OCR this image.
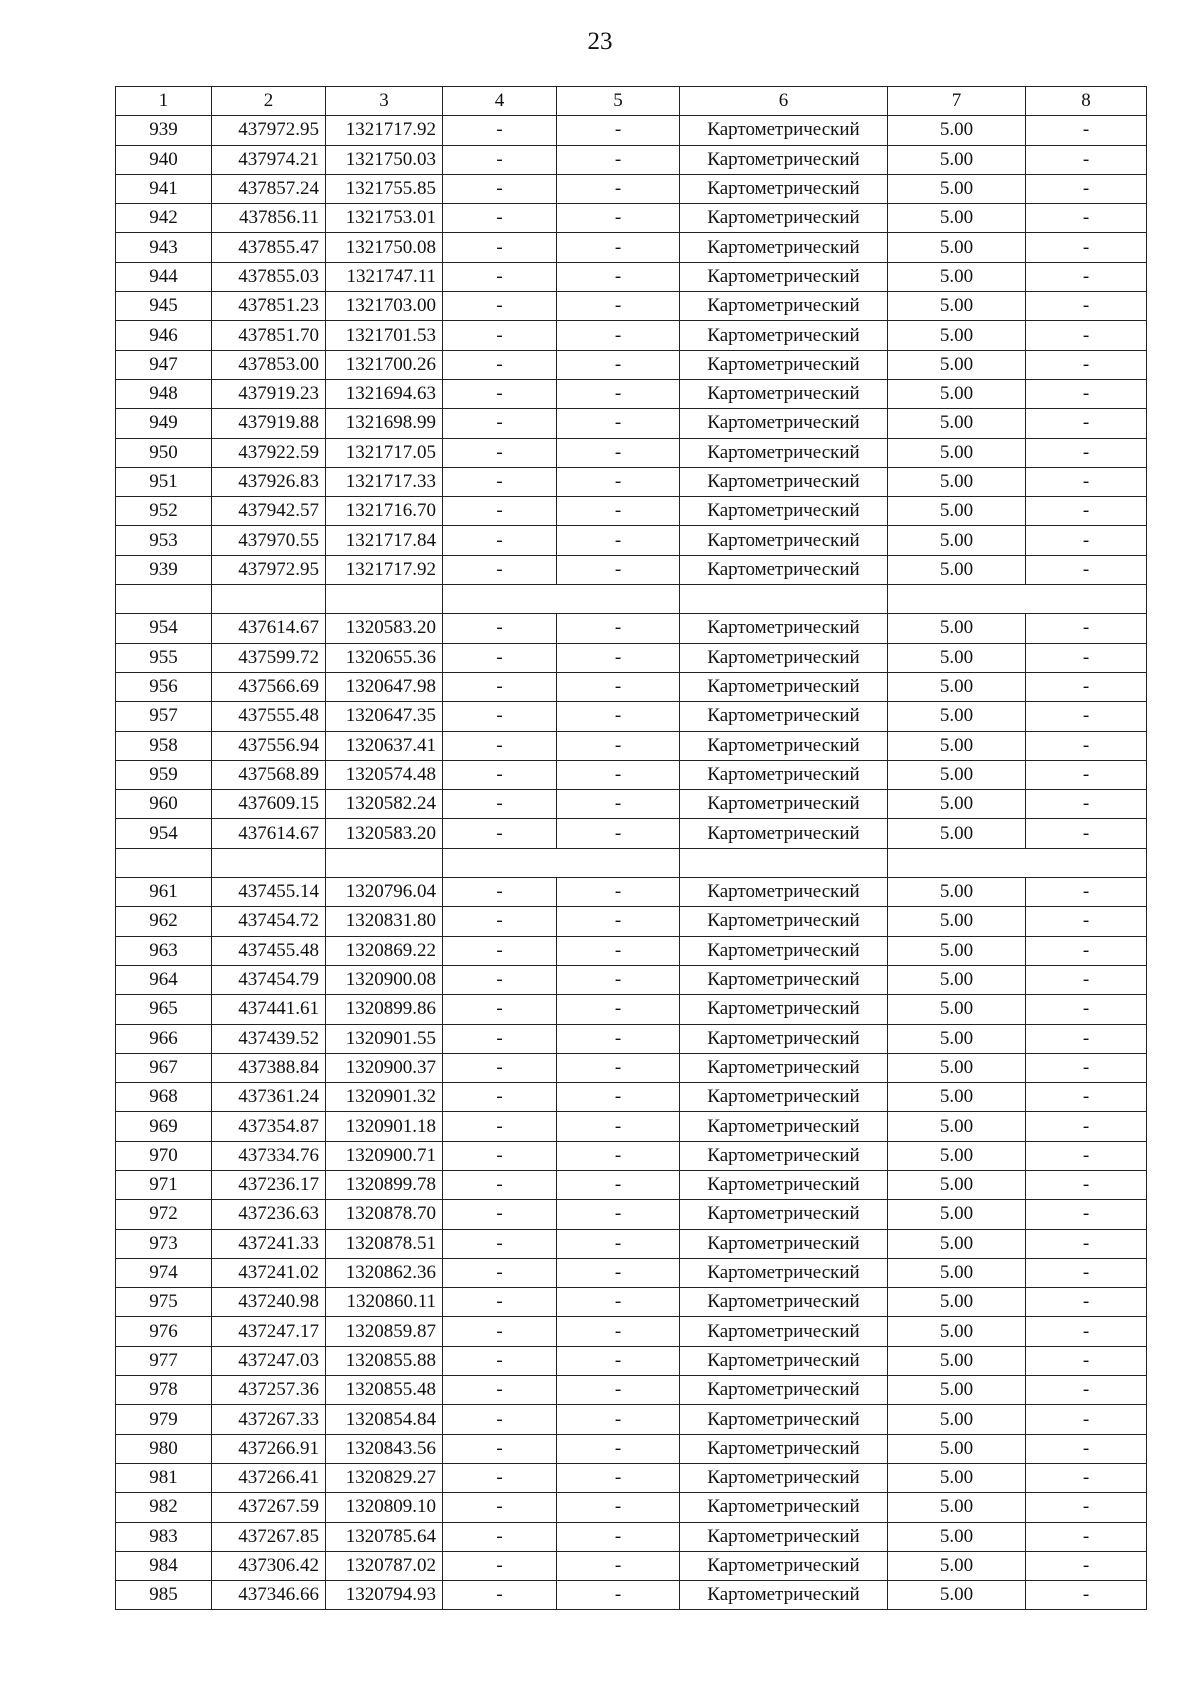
23
1	2	3	4	5	6	7	8
939	437972.95	1321717.92	-	-	Картометрический	5.00	-
940	437974.21	1321750.03	-	-	Картометрический	5.00	-
941	437857.24	1321755.85	-	-	Картометрический	5.00	-
942	437856.11	1321753.01	-	-	Картометрический	5.00	-
943	437855.47	1321750.08	-	-	Картометрический	5.00	-
944	437855.03	1321747.11	-	-	Картометрический	5.00	-
945	437851.23	1321703.00	-	-	Картометрический	5.00	-
946	437851.70	1321701.53	-	-	Картометрический	5.00	-
947	437853.00	1321700.26	-	-	Картометрический	5.00	-
948	437919.23	1321694.63	-	-	Картометрический	5.00	-
949	437919.88	1321698.99	-	-	Картометрический	5.00	-
950	437922.59	1321717.05	-	-	Картометрический	5.00	-
951	437926.83	1321717.33	-	-	Картометрический	5.00	-
952	437942.57	1321716.70	-	-	Картометрический	5.00	-
953	437970.55	1321717.84	-	-	Картометрический	5.00	-
939	437972.95	1321717.92	-	-	Картометрический	5.00	-

954	437614.67	1320583.20	-	-	Картометрический	5.00	-
955	437599.72	1320655.36	-	-	Картометрический	5.00	-
956	437566.69	1320647.98	-	-	Картометрический	5.00	-
957	437555.48	1320647.35	-	-	Картометрический	5.00	-
958	437556.94	1320637.41	-	-	Картометрический	5.00	-
959	437568.89	1320574.48	-	-	Картометрический	5.00	-
960	437609.15	1320582.24	-	-	Картометрический	5.00	-
954	437614.67	1320583.20	-	-	Картометрический	5.00	-

961	437455.14	1320796.04	-	-	Картометрический	5.00	-
962	437454.72	1320831.80	-	-	Картометрический	5.00	-
963	437455.48	1320869.22	-	-	Картометрический	5.00	-
964	437454.79	1320900.08	-	-	Картометрический	5.00	-
965	437441.61	1320899.86	-	-	Картометрический	5.00	-
966	437439.52	1320901.55	-	-	Картометрический	5.00	-
967	437388.84	1320900.37	-	-	Картометрический	5.00	-
968	437361.24	1320901.32	-	-	Картометрический	5.00	-
969	437354.87	1320901.18	-	-	Картометрический	5.00	-
970	437334.76	1320900.71	-	-	Картометрический	5.00	-
971	437236.17	1320899.78	-	-	Картометрический	5.00	-
972	437236.63	1320878.70	-	-	Картометрический	5.00	-
973	437241.33	1320878.51	-	-	Картометрический	5.00	-
974	437241.02	1320862.36	-	-	Картометрический	5.00	-
975	437240.98	1320860.11	-	-	Картометрический	5.00	-
976	437247.17	1320859.87	-	-	Картометрический	5.00	-
977	437247.03	1320855.88	-	-	Картометрический	5.00	-
978	437257.36	1320855.48	-	-	Картометрический	5.00	-
979	437267.33	1320854.84	-	-	Картометрический	5.00	-
980	437266.91	1320843.56	-	-	Картометрический	5.00	-
981	437266.41	1320829.27	-	-	Картометрический	5.00	-
982	437267.59	1320809.10	-	-	Картометрический	5.00	-
983	437267.85	1320785.64	-	-	Картометрический	5.00	-
984	437306.42	1320787.02	-	-	Картометрический	5.00	-
985	437346.66	1320794.93	-	-	Картометрический	5.00	-
